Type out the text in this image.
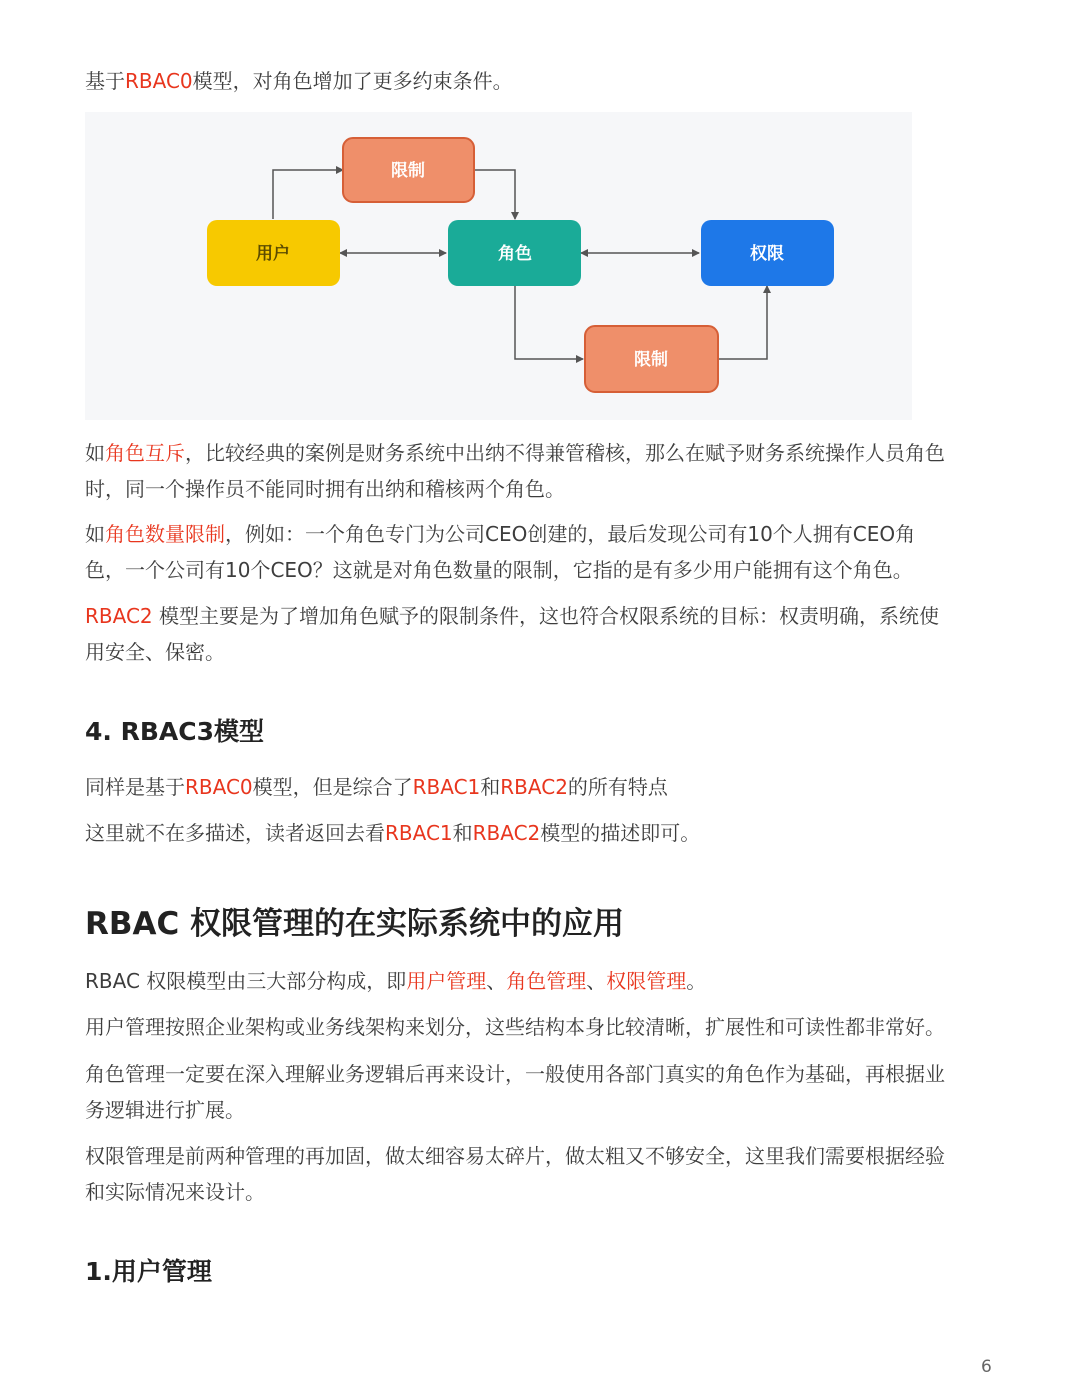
基于RBAC0模型，对角色增加了更多约束条件。

限制
用户	角色	权限
限制

如角色互斥，比较经典的案例是财务系统中出纳不得兼管稽核，那么在赋予财务系统操作人员角色
时，同一个操作员不能同时拥有出纳和稽核两个角色。

如角色数量限制，例如：一个角色专门为公司CEO创建的，最后发现公司有10个人拥有CEO角
色，一个公司有10个CEO？这就是对角色数量的限制，它指的是有多少用户能拥有这个角色。

RBAC2 模型主要是为了增加角色赋予的限制条件，这也符合权限系统的目标：权责明确，系统使
用安全、保密。

4. RBAC3模型

同样是基于RBAC0模型，但是综合了RBAC1和RBAC2的所有特点

这里就不在多描述，读者返回去看RBAC1和RBAC2模型的描述即可。

RBAC 权限管理的在实际系统中的应用

RBAC 权限模型由三大部分构成，即用户管理、角色管理、权限管理。

用户管理按照企业架构或业务线架构来划分，这些结构本身比较清晰，扩展性和可读性都非常好。

角色管理一定要在深入理解业务逻辑后再来设计，一般使用各部门真实的角色作为基础，再根据业
务逻辑进行扩展。

权限管理是前两种管理的再加固，做太细容易太碎片，做太粗又不够安全，这里我们需要根据经验
和实际情况来设计。

1.用户管理
6
